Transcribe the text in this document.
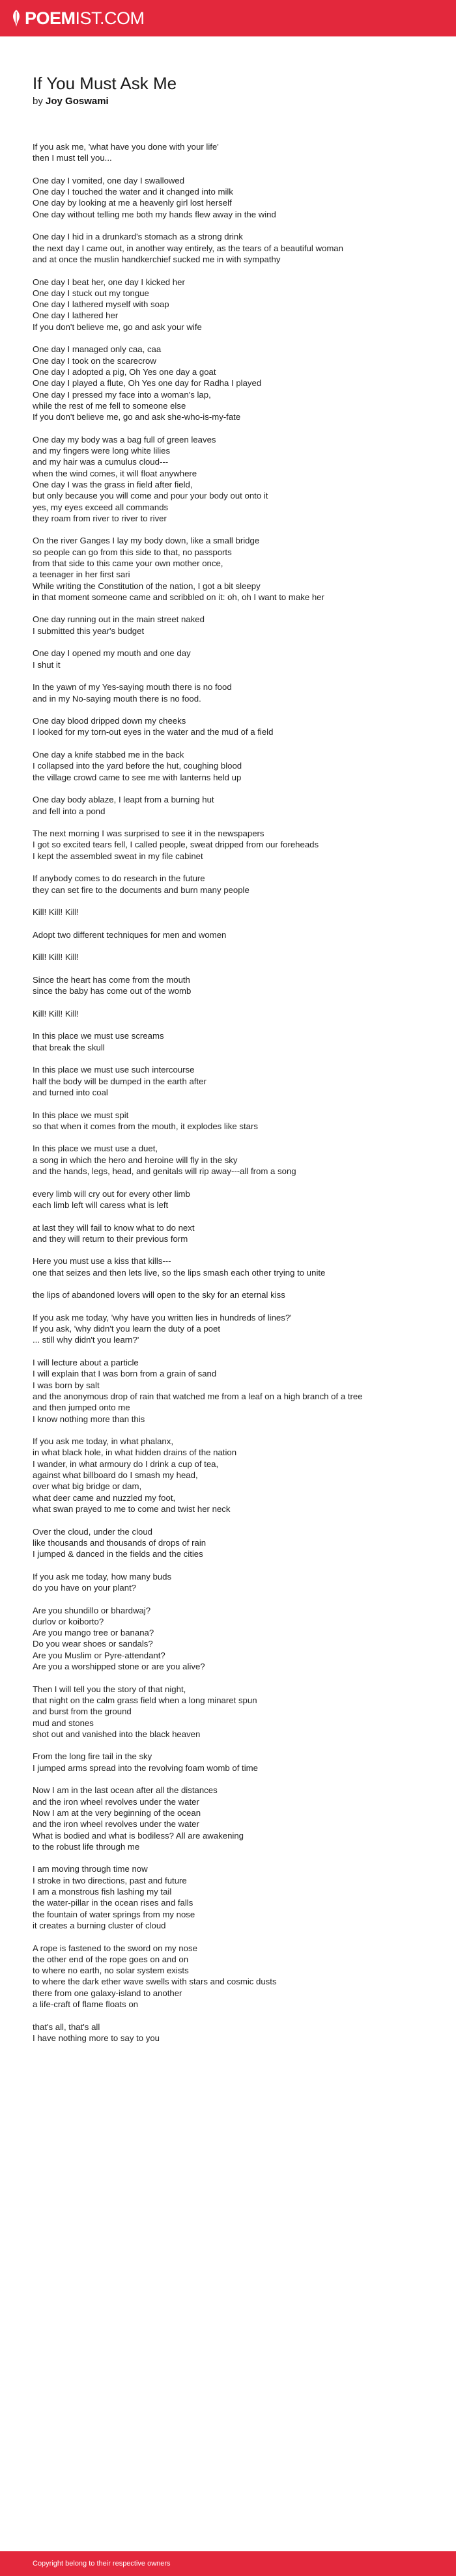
POEMIST.COM
If You Must Ask Me

by Joy Goswami

If you ask me, 'what have you done with your life'
then I must tell you...

One day I vomited, one day I swallowed
One day I touched the water and it changed into milk
One day by looking at me a heavenly girl lost herself
One day without telling me both my hands flew away in the wind

One day I hid in a drunkard's stomach as a strong drink
the next day I came out, in another way entirely, as the tears of a beautiful woman
and at once the muslin handkerchief sucked me in with sympathy

One day I beat her, one day I kicked her
One day I stuck out my tongue
One day I lathered myself with soap
One day I lathered her
If you don't believe me, go and ask your wife

One day I managed only caa, caa
One day I took on the scarecrow
One day I adopted a pig, Oh Yes one day a goat
One day I played a flute, Oh Yes one day for Radha I played
One day I pressed my face into a woman's lap,
while the rest of me fell to someone else
If you don't believe me, go and ask she-who-is-my-fate

One day my body was a bag full of green leaves
and my fingers were long white lilies
and my hair was a cumulus cloud---
when the wind comes, it will float anywhere
One day I was the grass in field after field,
but only because you will come and pour your body out onto it
yes, my eyes exceed all commands
they roam from river to river to river

On the river Ganges I lay my body down, like a small bridge
so people can go from this side to that, no passports
from that side to this came your own mother once,
a teenager in her first sari
While writing the Constitution of the nation, I got a bit sleepy
in that moment someone came and scribbled on it: oh, oh I want to make her

One day running out in the main street naked
I submitted this year's budget

One day I opened my mouth and one day
I shut it

In the yawn of my Yes-saying mouth there is no food
and in my No-saying mouth there is no food.

One day blood dripped down my cheeks
I looked for my torn-out eyes in the water and the mud of a field

One day a knife stabbed me in the back
I collapsed into the yard before the hut, coughing blood
the village crowd came to see me with lanterns held up

One day body ablaze, I leapt from a burning hut
and fell into a pond

The next morning I was surprised to see it in the newspapers
I got so excited tears fell, I called people, sweat dripped from our foreheads
I kept the assembled sweat in my file cabinet

If anybody comes to do research in the future
they can set fire to the documents and burn many people

Kill! Kill! Kill!

Adopt two different techniques for men and women

Kill! Kill! Kill!

Since the heart has come from the mouth
since the baby has come out of the womb

Kill! Kill! Kill!

In this place we must use screams
that break the skull

In this place we must use such intercourse
half the body will be dumped in the earth after
and turned into coal

In this place we must spit
so that when it comes from the mouth, it explodes like stars

In this place we must use a duet,
a song in which the hero and heroine will fly in the sky
and the hands, legs, head, and genitals will rip away---all from a song

every limb will cry out for every other limb
each limb left will caress what is left

at last they will fail to know what to do next
and they will return to their previous form

Here you must use a kiss that kills---
one that seizes and then lets live, so the lips smash each other trying to unite

the lips of abandoned lovers will open to the sky for an eternal kiss

If you ask me today, 'why have you written lies in hundreds of lines?'
If you ask, 'why didn't you learn the duty of a poet
... still why didn't you learn?'

I will lecture about a particle
I will explain that I was born from a grain of sand
I was born by salt
and the anonymous drop of rain that watched me from a leaf on a high branch of a tree
and then jumped onto me
I know nothing more than this

If you ask me today, in what phalanx,
in what black hole, in what hidden drains of the nation
I wander, in what armoury do I drink a cup of tea,
against what billboard do I smash my head,
over what big bridge or dam,
what deer came and nuzzled my foot,
what swan prayed to me to come and twist her neck

Over the cloud, under the cloud
like thousands and thousands of drops of rain
I jumped & danced in the fields and the cities

If you ask me today, how many buds
do you have on your plant?

Are you shundillo or bhardwaj?
durlov or koiborto?
Are you mango tree or banana?
Do you wear shoes or sandals?
Are you Muslim or Pyre-attendant?
Are you a worshipped stone or are you alive?

Then I will tell you the story of that night,
that night on the calm grass field when a long minaret spun
and burst from the ground
mud and stones
shot out and vanished into the black heaven

From the long fire tail in the sky
I jumped arms spread into the revolving foam womb of time

Now I am in the last ocean after all the distances
and the iron wheel revolves under the water
Now I am at the very beginning of the ocean
and the iron wheel revolves under the water
What is bodied and what is bodiless? All are awakening
to the robust life through me

I am moving through time now
I stroke in two directions, past and future
I am a monstrous fish lashing my tail
the water-pillar in the ocean rises and falls
the fountain of water springs from my nose
it creates a burning cluster of cloud

A rope is fastened to the sword on my nose
the other end of the rope goes on and on
to where no earth, no solar system exists
to where the dark ether wave swells with stars and cosmic dusts
there from one galaxy-island to another
a life-craft of flame floats on

that's all, that's all
I have nothing more to say to you

Copyright belong to their respective owners
